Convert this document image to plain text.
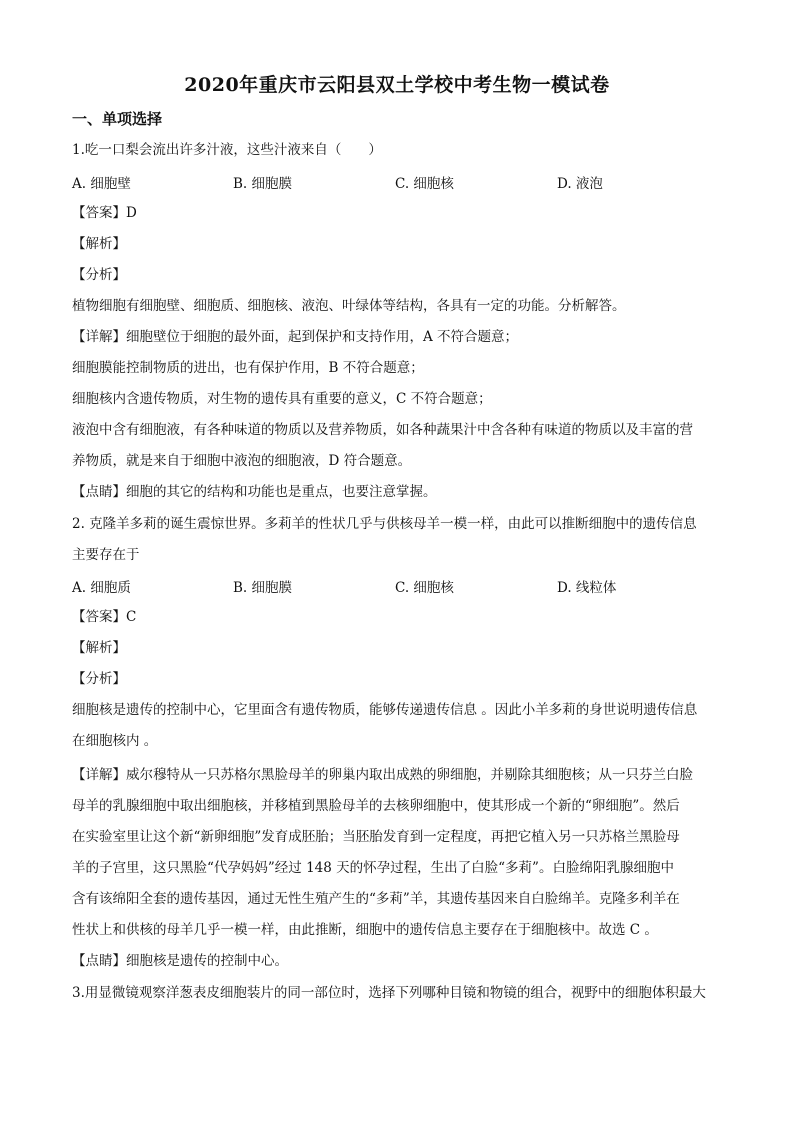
2020年重庆市云阳县双土学校中考生物一模试卷
一、单项选择
1.吃一口梨会流出许多汁液，这些汁液来自（　　）
A. 细胞壁	B. 细胞膜	C. 细胞核	D. 液泡
【答案】D
【解析】
【分析】
植物细胞有细胞壁、细胞质、细胞核、液泡、叶绿体等结构，各具有一定的功能。分析解答。
【详解】细胞壁位于细胞的最外面，起到保护和支持作用，A 不符合题意；
细胞膜能控制物质的进出，也有保护作用，B 不符合题意；
细胞核内含遗传物质，对生物的遗传具有重要的意义，C 不符合题意；
液泡中含有细胞液，有各种味道的物质以及营养物质，如各种蔬果汁中含各种有味道的物质以及丰富的营
养物质，就是来自于细胞中液泡的细胞液，D 符合题意。
【点睛】细胞的其它的结构和功能也是重点，也要注意掌握。
2. 克隆羊多莉的诞生震惊世界。多莉羊的性状几乎与供核母羊一模一样，由此可以推断细胞中的遗传信息
主要存在于
A. 细胞质	B. 细胞膜	C. 细胞核	D. 线粒体
【答案】C
【解析】
【分析】
细胞核是遗传的控制中心，它里面含有遗传物质，能够传递遗传信息 。因此小羊多莉的身世说明遗传信息
在细胞核内 。
【详解】威尔穆特从一只苏格尔黑脸母羊的卵巢内取出成熟的卵细胞，并剔除其细胞核；从一只芬兰白脸
母羊的乳腺细胞中取出细胞核，并移植到黑脸母羊的去核卵细胞中，使其形成一个新的“卵细胞”。然后
在实验室里让这个新“新卵细胞”发育成胚胎；当胚胎发育到一定程度，再把它植入另一只苏格兰黑脸母
羊的子宫里，这只黑脸“代孕妈妈”经过 148 天的怀孕过程，生出了白脸“多莉”。白脸绵阳乳腺细胞中
含有该绵阳全套的遗传基因，通过无性生殖产生的“多莉”羊，其遗传基因来自白脸绵羊。克隆多利羊在
性状上和供核的母羊几乎一模一样，由此推断，细胞中的遗传信息主要存在于细胞核中。故选 C 。
【点睛】细胞核是遗传的控制中心。
3.用显微镜观察洋葱表皮细胞装片的同一部位时，选择下列哪种目镜和物镜的组合，视野中的细胞体积最大
